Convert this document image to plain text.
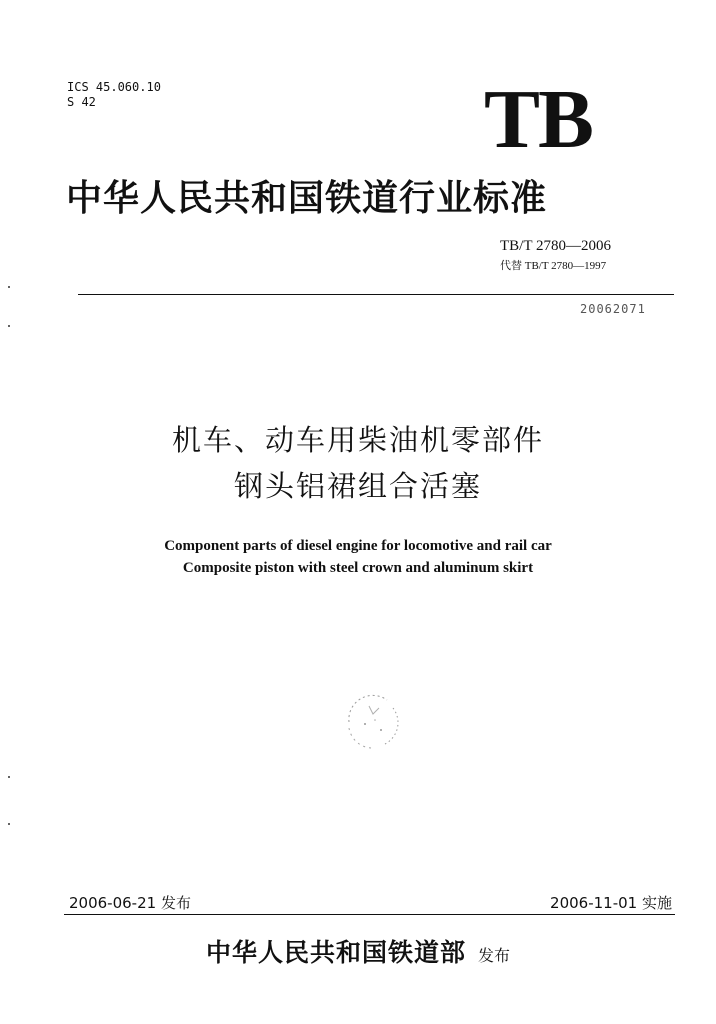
ICS 45.060.10
S 42	TB
中华人民共和国铁道行业标准
TB/T 2780—2006
代替 TB/T 2780—1997
20062071
机车、动车用柴油机零部件
钢头铝裙组合活塞
Component parts of diesel engine for locomotive and rail car
Composite piston with steel crown and aluminum skirt
2006-06-21 发布	2006-11-01 实施
中华人民共和国铁道部 发布
